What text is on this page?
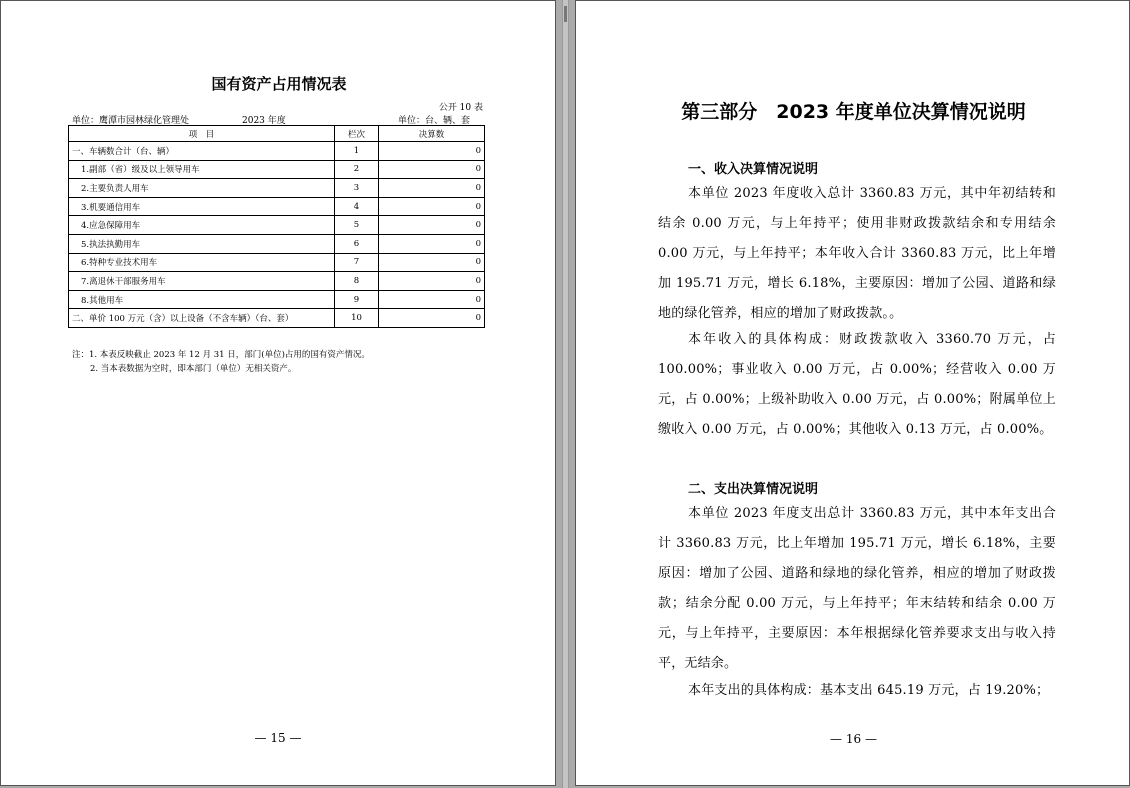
国有资产占用情况表
公开 10 表
单位：鹰潭市园林绿化管理处	2023 年度	单位：台、辆、套
项　目	栏次	决算数
一、车辆数合计（台、辆）	1	0
1.副部（省）级及以上领导用车	2	0
2.主要负责人用车	3	0
3.机要通信用车	4	0
4.应急保障用车	5	0
5.执法执勤用车	6	0
6.特种专业技术用车	7	0
7.离退休干部服务用车	8	0
8.其他用车	9	0
二、单价 100 万元（含）以上设备（不含车辆）（台、套）	10	0
注：1. 本表反映截止 2023 年 12 月 31 日，部门(单位)占用的国有资产情况。
2. 当本表数据为空时，即本部门（单位）无相关资产。
— 15 —
第三部分　2023 年度单位决算情况说明
— 16 —
一、收入决算情况说明
本单位 2023 年度收入总计 3360.83 万元，其中年初结转和结余 0.00 万元，与上年持平；使用非财政拨款结余和专用结余 0.00 万元，与上年持平；本年收入合计 3360.83 万元，比上年增加 195.71 万元，增长 6.18%，主要原因：增加了公园、道路和绿地的绿化管养，相应的增加了财政拨款。。
本年收入的具体构成：财政拨款收入 3360.70 万元，占 100.00%；事业收入 0.00 万元，占 0.00%；经营收入 0.00 万元，占 0.00%；上级补助收入 0.00 万元，占 0.00%；附属单位上缴收入 0.00 万元，占 0.00%；其他收入 0.13 万元，占 0.00%。
二、支出决算情况说明
本单位 2023 年度支出总计 3360.83 万元，其中本年支出合计 3360.83 万元，比上年增加 195.71 万元，增长 6.18%，主要原因：增加了公园、道路和绿地的绿化管养，相应的增加了财政拨款；结余分配 0.00 万元，与上年持平；年末结转和结余 0.00 万元，与上年持平，主要原因：本年根据绿化管养要求支出与收入持平，无结余。
本年支出的具体构成：基本支出 645.19 万元，占 19.20%；
